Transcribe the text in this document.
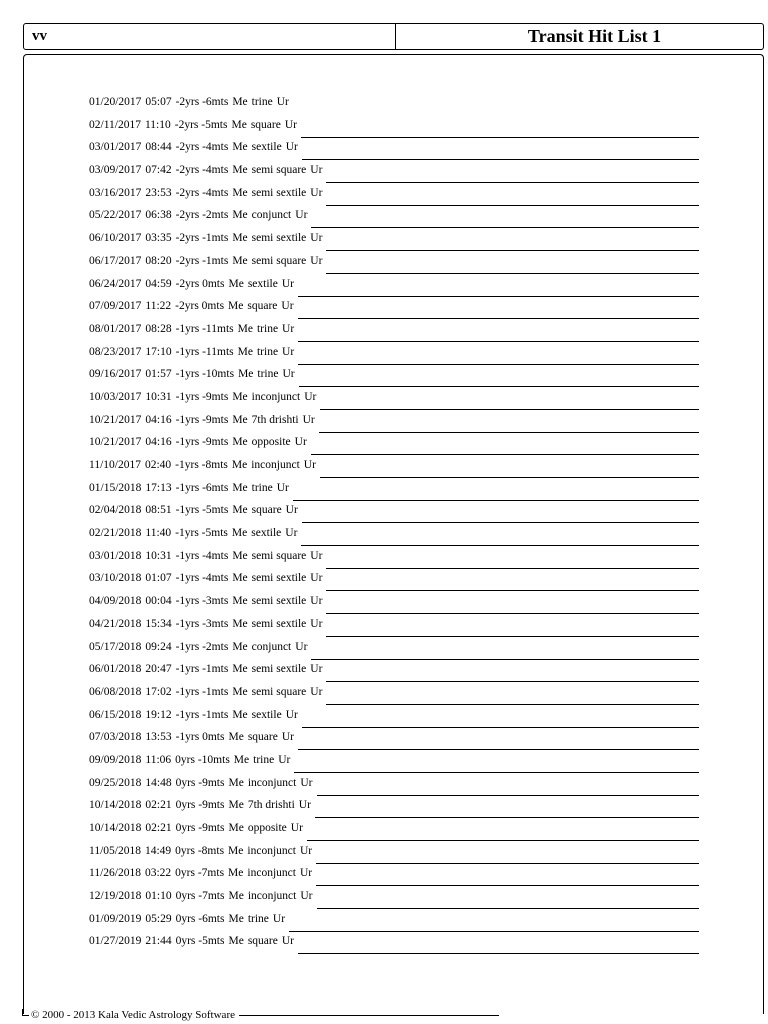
vv	Transit Hit List 1
01/20/2017 05:07 -2yrs -6mts Me trine Ur
02/11/2017 11:10 -2yrs -5mts Me square Ur
03/01/2017 08:44 -2yrs -4mts Me sextile Ur
03/09/2017 07:42 -2yrs -4mts Me semi square Ur
03/16/2017 23:53 -2yrs -4mts Me semi sextile Ur
05/22/2017 06:38 -2yrs -2mts Me conjunct Ur
06/10/2017 03:35 -2yrs -1mts Me semi sextile Ur
06/17/2017 08:20 -2yrs -1mts Me semi square Ur
06/24/2017 04:59 -2yrs 0mts Me sextile Ur
07/09/2017 11:22 -2yrs 0mts Me square Ur
08/01/2017 08:28 -1yrs -11mts Me trine Ur
08/23/2017 17:10 -1yrs -11mts Me trine Ur
09/16/2017 01:57 -1yrs -10mts Me trine Ur
10/03/2017 10:31 -1yrs -9mts Me inconjunct Ur
10/21/2017 04:16 -1yrs -9mts Me 7th drishti Ur
10/21/2017 04:16 -1yrs -9mts Me opposite Ur
11/10/2017 02:40 -1yrs -8mts Me inconjunct Ur
01/15/2018 17:13 -1yrs -6mts Me trine Ur
02/04/2018 08:51 -1yrs -5mts Me square Ur
02/21/2018 11:40 -1yrs -5mts Me sextile Ur
03/01/2018 10:31 -1yrs -4mts Me semi square Ur
03/10/2018 01:07 -1yrs -4mts Me semi sextile Ur
04/09/2018 00:04 -1yrs -3mts Me semi sextile Ur
04/21/2018 15:34 -1yrs -3mts Me semi sextile Ur
05/17/2018 09:24 -1yrs -2mts Me conjunct Ur
06/01/2018 20:47 -1yrs -1mts Me semi sextile Ur
06/08/2018 17:02 -1yrs -1mts Me semi square Ur
06/15/2018 19:12 -1yrs -1mts Me sextile Ur
07/03/2018 13:53 -1yrs 0mts Me square Ur
09/09/2018 11:06 0yrs -10mts Me trine Ur
09/25/2018 14:48 0yrs -9mts Me inconjunct Ur
10/14/2018 02:21 0yrs -9mts Me 7th drishti Ur
10/14/2018 02:21 0yrs -9mts Me opposite Ur
11/05/2018 14:49 0yrs -8mts Me inconjunct Ur
11/26/2018 03:22 0yrs -7mts Me inconjunct Ur
12/19/2018 01:10 0yrs -7mts Me inconjunct Ur
01/09/2019 05:29 0yrs -6mts Me trine Ur
01/27/2019 21:44 0yrs -5mts Me square Ur
© 2000 - 2013 Kala Vedic Astrology Software
